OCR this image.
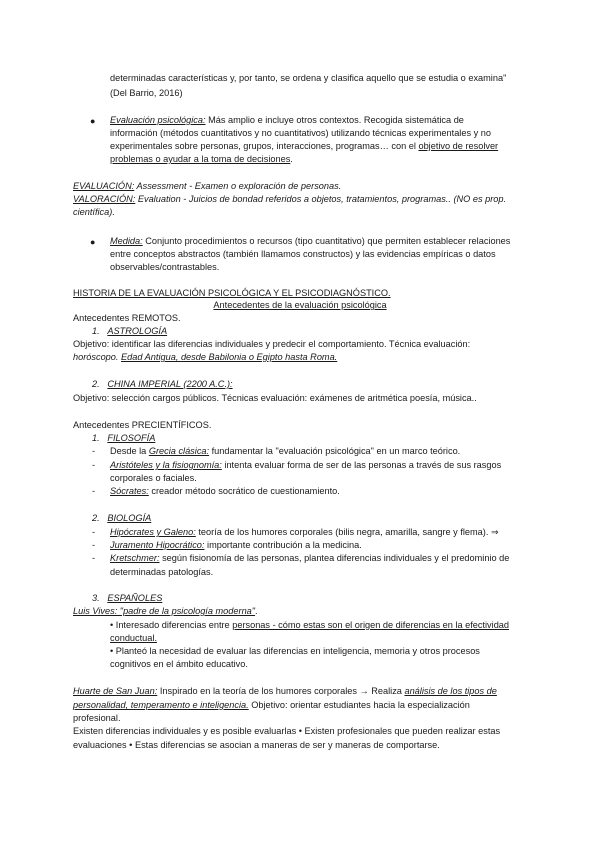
determinadas características y, por tanto, se ordena y clasifica aquello que se estudia o examina"
(Del Barrio, 2016)
● Evaluación psicológica: Más amplio e incluye otros contextos. Recogida sistemática de
información (métodos cuantitativos y no cuantitativos) utilizando técnicas experimentales y no
experimentales sobre personas, grupos, interacciones, programas… con el objetivo de resolver
problemas o ayudar a la toma de decisiones.
EVALUACIÓN: Assessment - Examen o exploración de personas.
VALORACIÓN: Evaluation - Juicios de bondad referidos a objetos, tratamientos, programas.. (NO es prop.
científica).
● Medida: Conjunto procedimientos o recursos (tipo cuantitativo) que permiten establecer relaciones
entre conceptos abstractos (también llamamos constructos) y las evidencias empíricas o datos
observables/contrastables.
HISTORIA DE LA EVALUACIÓN PSICOLÓGICA Y EL PSICODIAGNÓSTICO.
Antecedentes de la evaluación psicológica
Antecedentes REMOTOS.
1. ASTROLOGÍA
Objetivo: identificar las diferencias individuales y predecir el comportamiento. Técnica evaluación:
horóscopo. Edad Antigua, desde Babilonia o Egipto hasta Roma.
2. CHINA IMPERIAL (2200 A.C.):
Objetivo: selección cargos públicos. Técnicas evaluación: exámenes de aritmética poesía, música..
Antecedentes PRECIENTÍFICOS.
1. FILOSOFÍA
- Desde la Grecia clásica: fundamentar la "evaluación psicológica" en un marco teórico.
- Aristóteles y la fisiognomía: intenta evaluar forma de ser de las personas a través de sus rasgos
corporales o faciales.
- Sócrates: creador método socrático de cuestionamiento.
2. BIOLOGÍA
- Hipócrates y Galeno: teoría de los humores corporales (bilis negra, amarilla, sangre y flema). ⇒
- Juramento Hipocrático: importante contribución a la medicina.
- Kretschmer: según fisionomía de las personas, plantea diferencias individuales y el predominio de
determinadas patologías.
3. ESPAÑOLES
Luis Vives: "padre de la psicología moderna".
• Interesado diferencias entre personas - cómo estas son el origen de diferencias en la efectividad
conductual.
• Planteó la necesidad de evaluar las diferencias en inteligencia, memoria y otros procesos
cognitivos en el ámbito educativo.
Huarte de San Juan: Inspirado en la teoría de los humores corporales → Realiza análisis de los tipos de
personalidad, temperamento e inteligencia. Objetivo: orientar estudiantes hacia la especialización
profesional.
Existen diferencias individuales y es posible evaluarlas • Existen profesionales que pueden realizar estas
evaluaciones • Estas diferencias se asocian a maneras de ser y maneras de comportarse.
